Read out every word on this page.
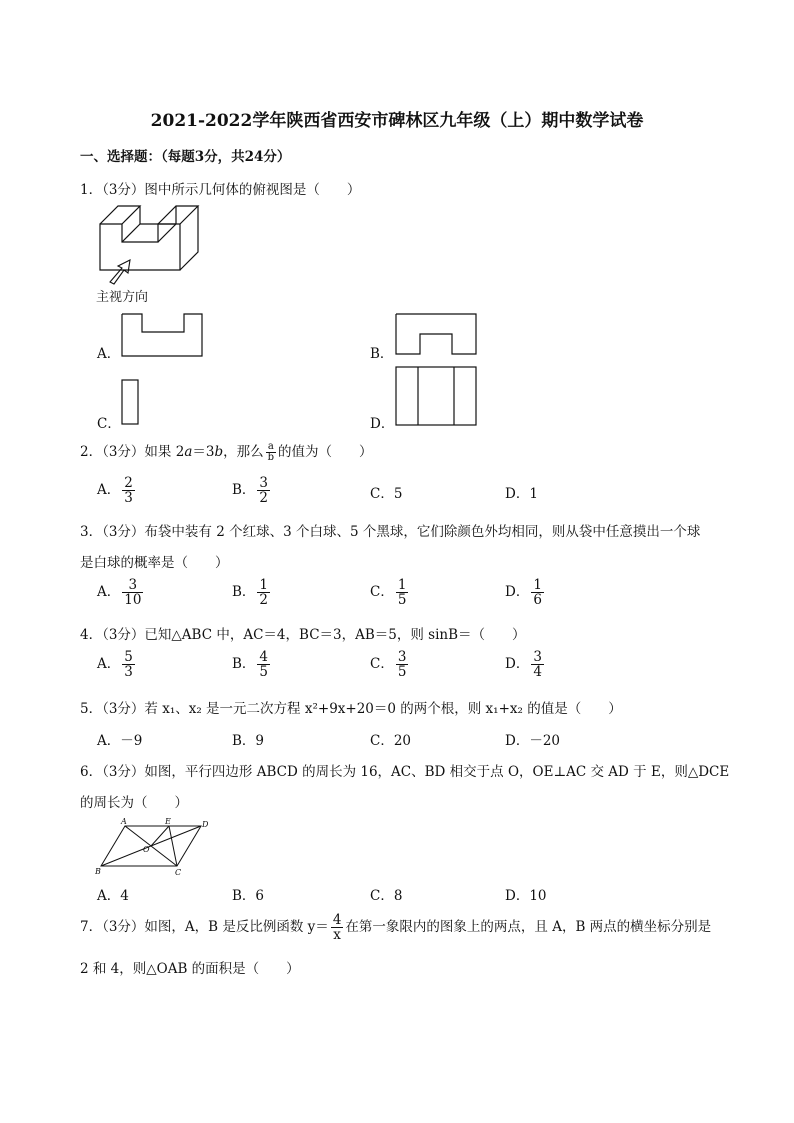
2021-2022学年陕西省西安市碑林区九年级（上）期中数学试卷
一、选择题：（每题3分，共24分）
1．（3分）图中所示几何体的俯视图是（　　）
主视方向
A．	B．
C．	D．
2．（3分）如果 2a＝3b，那么 $\frac{a}{b}$ 的值为（　　）
A． $\frac{2}{3}$	B． $\frac{3}{2}$	C．5	D．1
3．（3分）布袋中装有 2 个红球、3 个白球、5 个黑球，它们除颜色外均相同，则从袋中任意摸出一个球
是白球的概率是（　　）
A． $\frac{3}{10}$	B． $\frac{1}{2}$	C． $\frac{1}{5}$	D． $\frac{1}{6}$
4．（3分）已知△ABC 中，AC＝4，BC＝3，AB＝5，则 sinB＝（　　）
A． $\frac{5}{3}$	B． $\frac{4}{5}$	C． $\frac{3}{5}$	D． $\frac{3}{4}$
5．（3分）若 x₁、x₂ 是一元二次方程 x²+9x+20＝0 的两个根，则 x₁+x₂ 的值是（　　）
A．－9	B．9	C．20	D．－20
6．（3分）如图，平行四边形 ABCD 的周长为 16，AC、BD 相交于点 O，OE⊥AC 交 AD 于 E，则△DCE
的周长为（　　）
A	E	D
B	C
O
A．4	B．6	C．8	D．10
7．（3分）如图，A，B 是反比例函数 $y= \frac{4}{x}$ 在第一象限内的图象上的两点，且 A，B 两点的横坐标分别是
2 和 4，则△OAB 的面积是（　　）
